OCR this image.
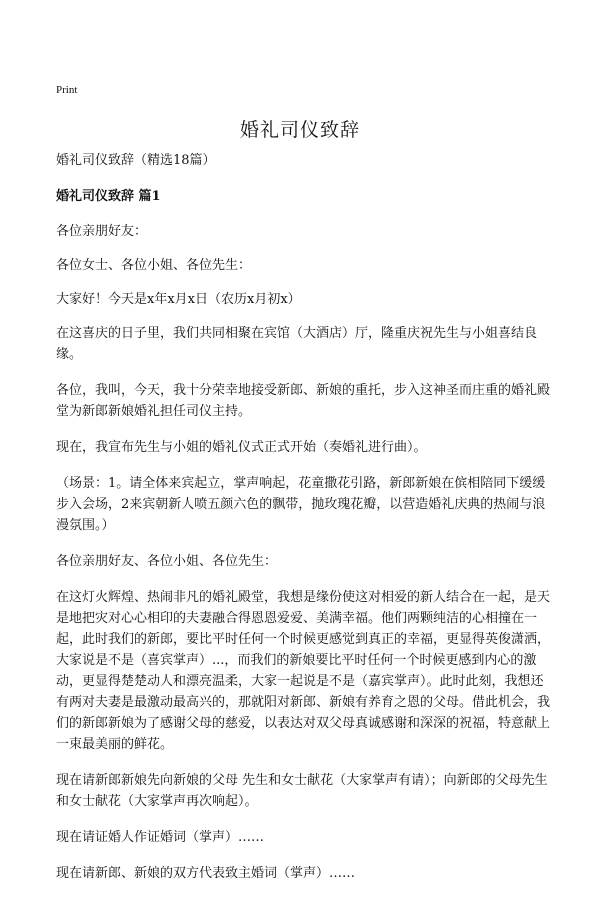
Print
婚礼司仪致辞

婚礼司仪致辞（精选18篇）

婚礼司仪致辞 篇1

各位亲朋好友：

各位女士、各位小姐、各位先生：

大家好！今天是x年x月x日（农历x月初x）

在这喜庆的日子里，我们共同相聚在宾馆（大酒店）厅，隆重庆祝先生与小姐喜结良缘。

各位，我叫，今天，我十分荣幸地接受新郎、新娘的重托，步入这神圣而庄重的婚礼殿堂为新郎新娘婚礼担任司仪主持。

现在，我宣布先生与小姐的婚礼仪式正式开始（奏婚礼进行曲）。

（场景：1。请全体来宾起立，掌声响起，花童撒花引路，新郎新娘在傧相陪同下缓缓步入会场，2来宾朝新人喷五颜六色的飘带，抛玫瑰花瓣，以营造婚礼庆典的热闹与浪漫氛围。）

各位亲朋好友、各位小姐、各位先生：

在这灯火辉煌、热闹非凡的婚礼殿堂，我想是缘份使这对相爱的新人结合在一起，是天是地把灾对心心相印的夫妻融合得恩恩爱爱、美满幸福。他们两颗纯洁的心相撞在一起，此时我们的新郎，要比平时任何一个时候更感觉到真正的幸福，更显得英俊潇洒，大家说是不是（喜宾掌声）...，而我们的新娘要比平时任何一个时候更感到内心的激动，更显得楚楚动人和漂亮温柔，大家一起说是不是（嘉宾掌声）。此时此刻，我想还有两对夫妻是最激动最高兴的，那就阳对新郎、新娘有养育之恩的父母。借此机会，我们的新郎新娘为了感谢父母的慈爱，以表达对双父母真诚感谢和深深的祝福，特意献上一束最美丽的鲜花。

现在请新郎新娘先向新娘的父母 先生和女士献花（大家掌声有请）；向新郎的父母先生和女士献花（大家掌声再次响起）。

现在请证婚人作证婚词（掌声）……

现在请新郎、新娘的双方代表致主婚词（掌声）……
